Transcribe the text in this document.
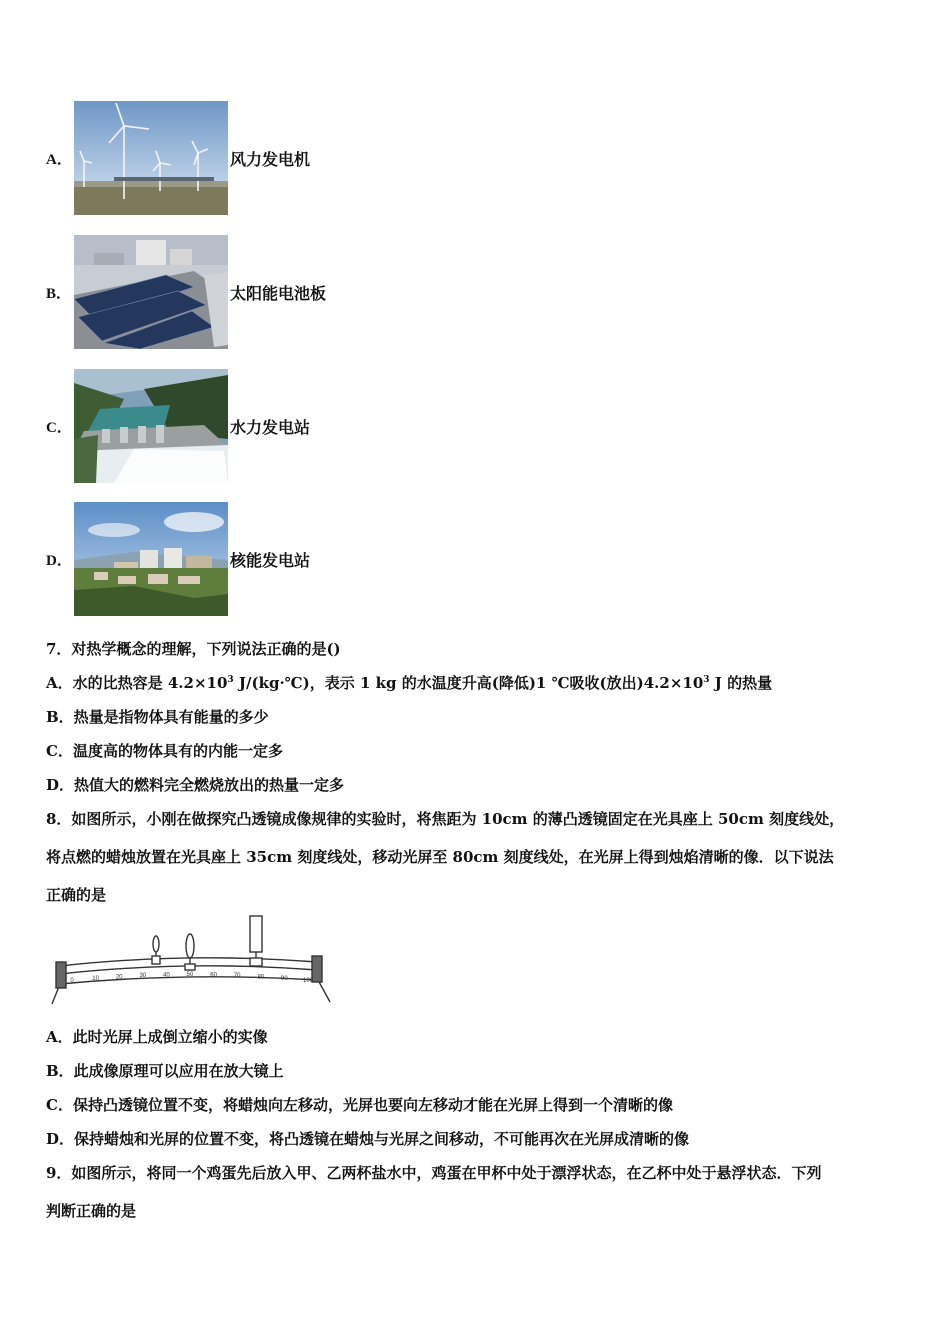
A．	风力发电机
B．	太阳能电池板
C．	水力发电站
D．	核能发电站
7．对热学概念的理解，下列说法正确的是()
A．水的比热容是 $4.2\times 10^3$ J/(kg·℃)，表示 1 kg 的水温度升高(降低)1 ℃吸收(放出)$4.2\times 10^3$ J 的热量
B．热量是指物体具有能量的多少
C．温度高的物体具有的内能一定多
D．热值大的燃料完全燃烧放出的热量一定多
8．如图所示，小刚在做探究凸透镜成像规律的实验时，将焦距为 10cm 的薄凸透镜固定在光具座上 50cm 刻度线处，
将点燃的蜡烛放置在光具座上 35cm 刻度线处，移动光屏至 80cm 刻度线处，在光屏上得到烛焰清晰的像．以下说法
正确的是
0	10	20	30	40	50	60	70	80	90	100
A．此时光屏上成倒立缩小的实像
B．此成像原理可以应用在放大镜上
C．保持凸透镜位置不变，将蜡烛向左移动，光屏也要向左移动才能在光屏上得到一个清晰的像
D．保持蜡烛和光屏的位置不变，将凸透镜在蜡烛与光屏之间移动，不可能再次在光屏成清晰的像
9．如图所示，将同一个鸡蛋先后放入甲、乙两杯盐水中，鸡蛋在甲杯中处于漂浮状态，在乙杯中处于悬浮状态．下列
判断正确的是
